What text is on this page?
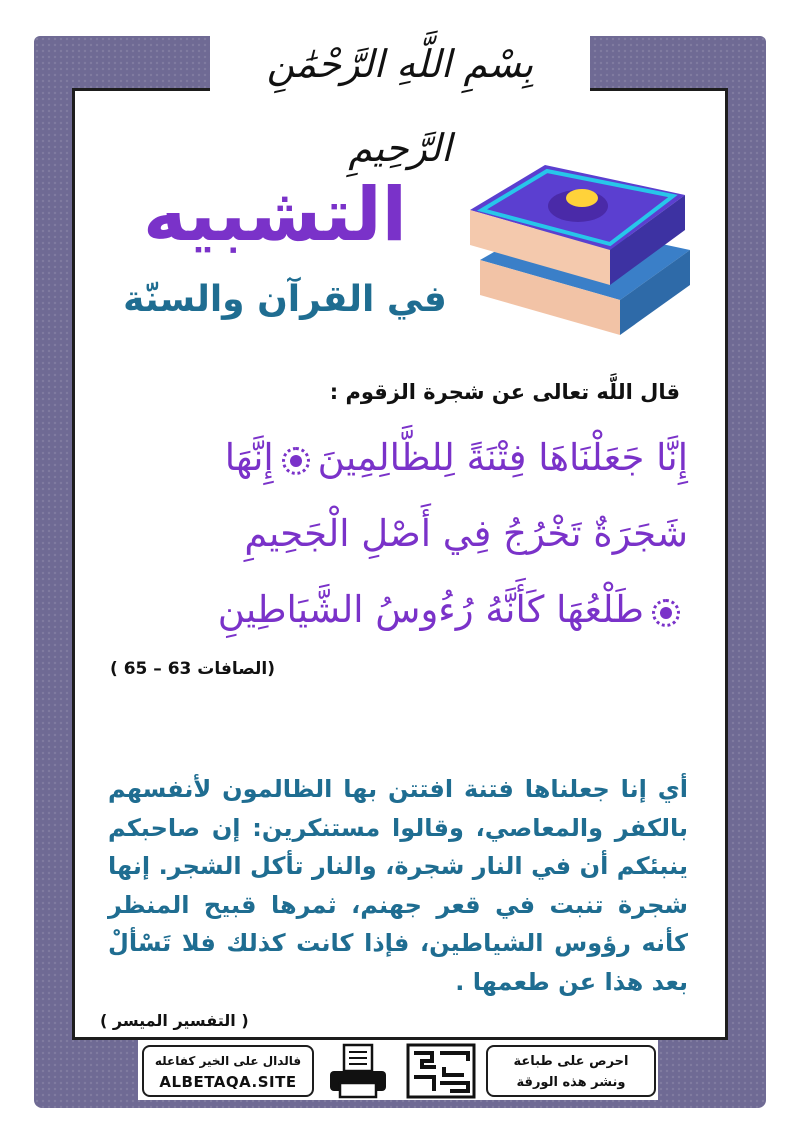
بِسْمِ اللَّهِ الرَّحْمَٰنِ الرَّحِيمِ
التشبيه
في القرآن والسنّة
قال اللَّه تعالى عن شجرة الزقوم :
إِنَّا جَعَلْنَاهَا فِتْنَةً لِلظَّالِمِينَإِنَّهَا
شَجَرَةٌ تَخْرُجُ فِي أَصْلِ الْجَحِيمِ
طَلْعُهَا كَأَنَّهُ رُءُوسُ الشَّيَاطِينِ
(الصافات 63 – 65 )
أي إنا جعلناها فتنة افتتن بها الظالمون لأنفسهم بالكفر والمعاصي، وقالوا مستنكرين: إن صاحبكم ينبئكم أن في النار شجرة، والنار تأكل الشجر. إنها شجرة تنبت في قعر جهنم، ثمرها قبيح المنظر كأنه رؤوس الشياطين، فإذا كانت كذلك فلا تَسْألْ بعد هذا عن طعمها .
( التفسير الميسر )
فالدال على الخير كفاعله
ALBETAQA.SITE
احرص على طباعة
ونشر هذه الورقة
